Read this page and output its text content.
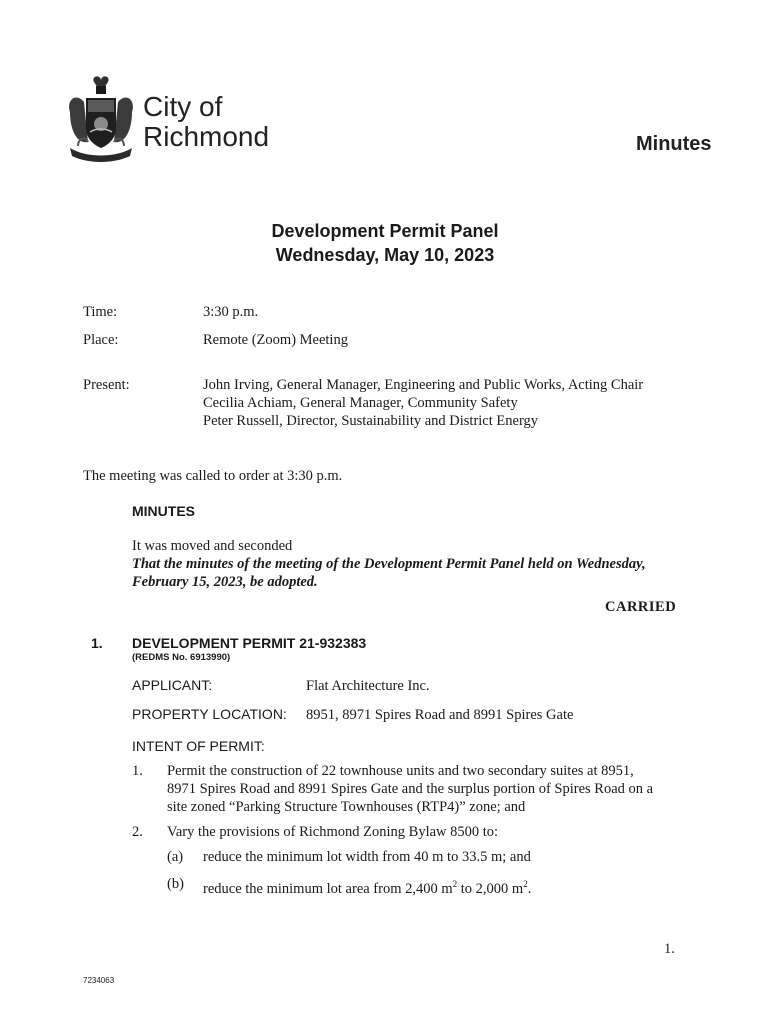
City of
Richmond	Minutes
Development Permit Panel
Wednesday, May 10, 2023
Time:	3:30 p.m.
Place:	Remote (Zoom) Meeting
Present:	John Irving, General Manager, Engineering and Public Works, Acting Chair
Cecilia Achiam, General Manager, Community Safety
Peter Russell, Director, Sustainability and District Energy
The meeting was called to order at 3:30 p.m.
MINUTES
It was moved and seconded
That the minutes of the meeting of the Development Permit Panel held on Wednesday,
February 15, 2023, be adopted.
CARRIED
1. DEVELOPMENT PERMIT 21-932383
(REDMS No. 6913990)
APPLICANT:	Flat Architecture Inc.
PROPERTY LOCATION: 8951, 8971 Spires Road and 8991 Spires Gate
INTENT OF PERMIT:
1. Permit the construction of 22 townhouse units and two secondary suites at 8951,
8971 Spires Road and 8991 Spires Gate and the surplus portion of Spires Road on a
site zoned “Parking Structure Townhouses (RTP4)” zone; and
2. Vary the provisions of Richmond Zoning Bylaw 8500 to:
(a) reduce the minimum lot width from 40 m to 33.5 m; and
(b) reduce the minimum lot area from 2,400 $m^2$ to 2,000 $m^2$.
1.
7234063
